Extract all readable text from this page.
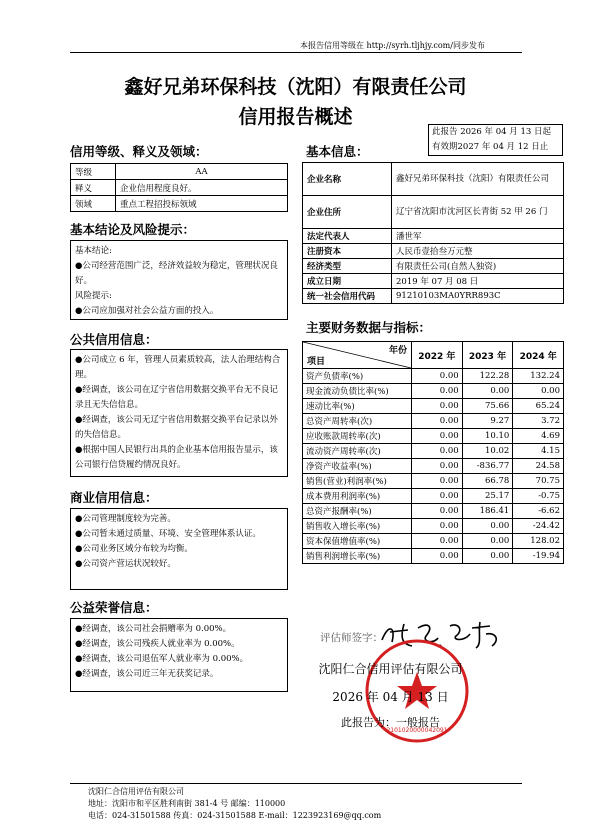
本报告信用等级在 http://syrh.tljhjy.com/同步发布
鑫好兄弟环保科技（沈阳）有限责任公司
信用报告概述
此报告 2026 年 04 月 13 日起
有效期2027 年 04 月 12 日止
信用等级、释义及领域：
等级	AA
释义	企业信用程度良好。
领域	重点工程招投标领域
基本信息：
企业名称	鑫好兄弟环保科技（沈阳）有限责任公司
企业住所	辽宁省沈阳市沈河区长青街 52 甲 26 门
法定代表人	潘世军
注册资本	人民币壹拾叁万元整
经济类型	有限责任公司(自然人独资)
成立日期	2019 年 07 月 08 日
统一社会信用代码	91210103MA0YRR893C
基本结论及风险提示：
基本结论:
●公司经营范围广泛，经济效益较为稳定，管理状况良好。
风险提示:
●公司应加强对社会公益方面的投入。
公共信用信息：
●公司成立 6 年，管理人员素质较高，法人治理结构合理。
●经调查，该公司在辽宁省信用数据交换平台无不良记录且无失信信息。
●经调查，该公司无辽宁省信用数据交换平台记录以外的失信信息。
●根据中国人民银行出具的企业基本信用报告显示，该公司银行信贷履约情况良好。
商业信用信息：
●公司管理制度较为完善。
●公司暂未通过质量、环境、安全管理体系认证。
●公司业务区域分布较为均衡。
●公司资产营运状况较好。
公益荣誉信息：
●经调查，该公司社会捐赠率为 0.00%。
●经调查，该公司残疾人就业率为 0.00%。
●经调查，该公司退伍军人就业率为 0.00%。
●经调查，该公司近三年无获奖记录。
主要财务数据与指标：
年份
项目	2022 年	2023 年	2024 年
资产负债率(%)	0.00	122.28	132.24
现金流动负债比率(%)	0.00	0.00	0.00
速动比率(%)	0.00	75.66	65.24
总资产周转率(次)	0.00	9.27	3.72
应收账款周转率(次)	0.00	10.10	4.69
流动资产周转率(次)	0.00	10.02	4.15
净资产收益率(%)	0.00	-836.77	24.58
销售(营业)利润率(%)	0.00	66.78	70.75
成本费用利润率(%)	0.00	25.17	-0.75
总资产报酬率(%)	0.00	186.41	-6.62
销售收入增长率(%)	0.00	0.00	-24.42
资本保值增值率(%)	0.00	0.00	128.02
销售利润增长率(%)	0.00	0.00	-19.94
评估师签字：
2101020000042091
沈阳仁合信用评估有限公司
2026 年 04 月 13 日
此报告为：一般报告
沈阳仁合信用评估有限公司
地址：沈阳市和平区胜利南街 381-4 号 邮编：110000
电话：024-31501588 传真：024-31501588 E-mail：1223923169@qq.com
